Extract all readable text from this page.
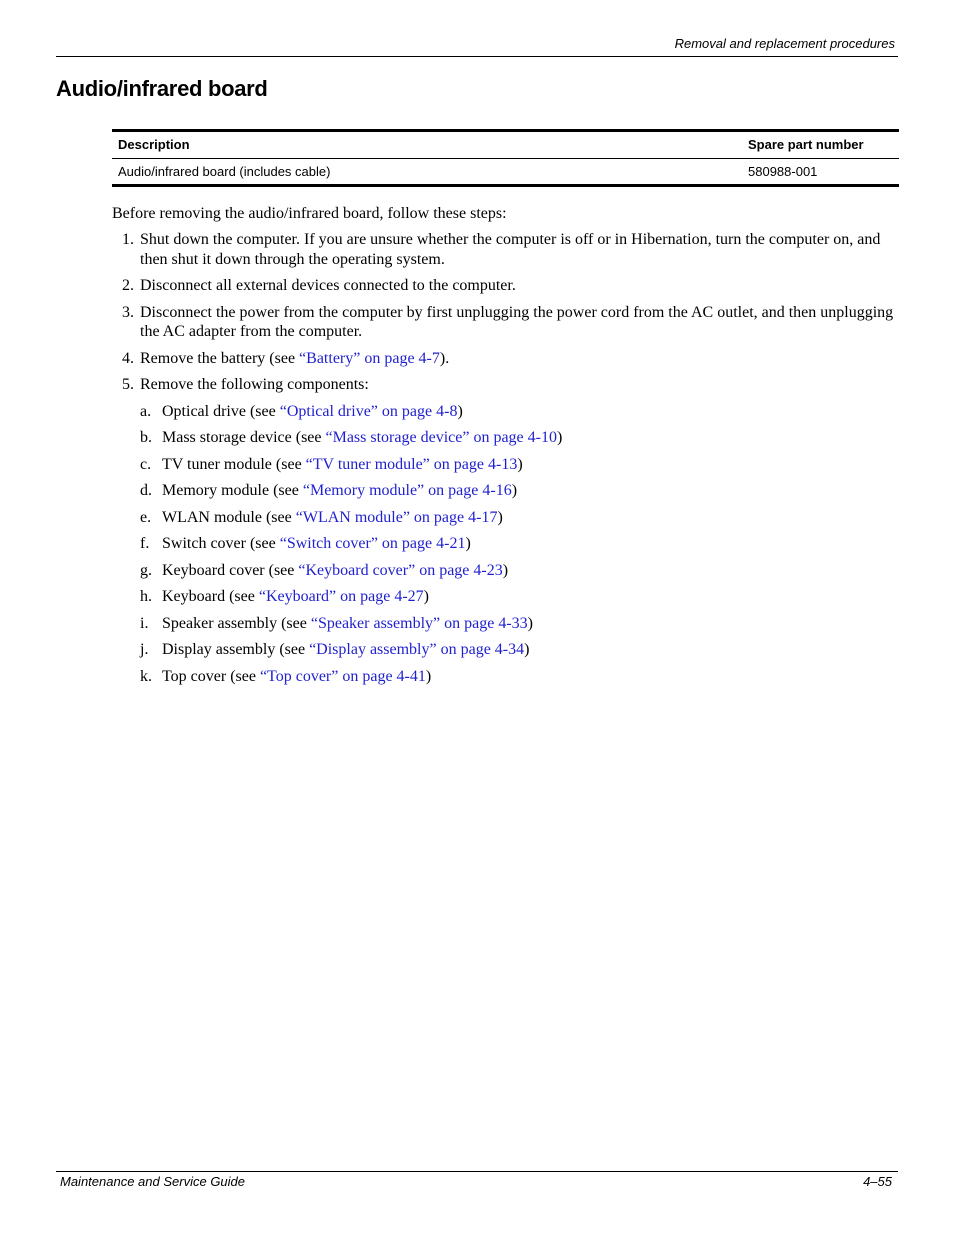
Removal and replacement procedures
Audio/infrared board
Description	Spare part number
Audio/infrared board (includes cable)	580988-001
Before removing the audio/infrared board, follow these steps:
1. Shut down the computer. If you are unsure whether the computer is off or in Hibernation, turn the computer on, and then shut it down through the operating system.
2. Disconnect all external devices connected to the computer.
3. Disconnect the power from the computer by first unplugging the power cord from the AC outlet, and then unplugging the AC adapter from the computer.
4. Remove the battery (see “Battery” on page 4-7).
5. Remove the following components:
a. Optical drive (see “Optical drive” on page 4-8)
b. Mass storage device (see “Mass storage device” on page 4-10)
c. TV tuner module (see “TV tuner module” on page 4-13)
d. Memory module (see “Memory module” on page 4-16)
e. WLAN module (see “WLAN module” on page 4-17)
f. Switch cover (see “Switch cover” on page 4-21)
g. Keyboard cover (see “Keyboard cover” on page 4-23)
h. Keyboard (see “Keyboard” on page 4-27)
i. Speaker assembly (see “Speaker assembly” on page 4-33)
j. Display assembly (see “Display assembly” on page 4-34)
k. Top cover (see “Top cover” on page 4-41)
Maintenance and Service Guide	4–55
